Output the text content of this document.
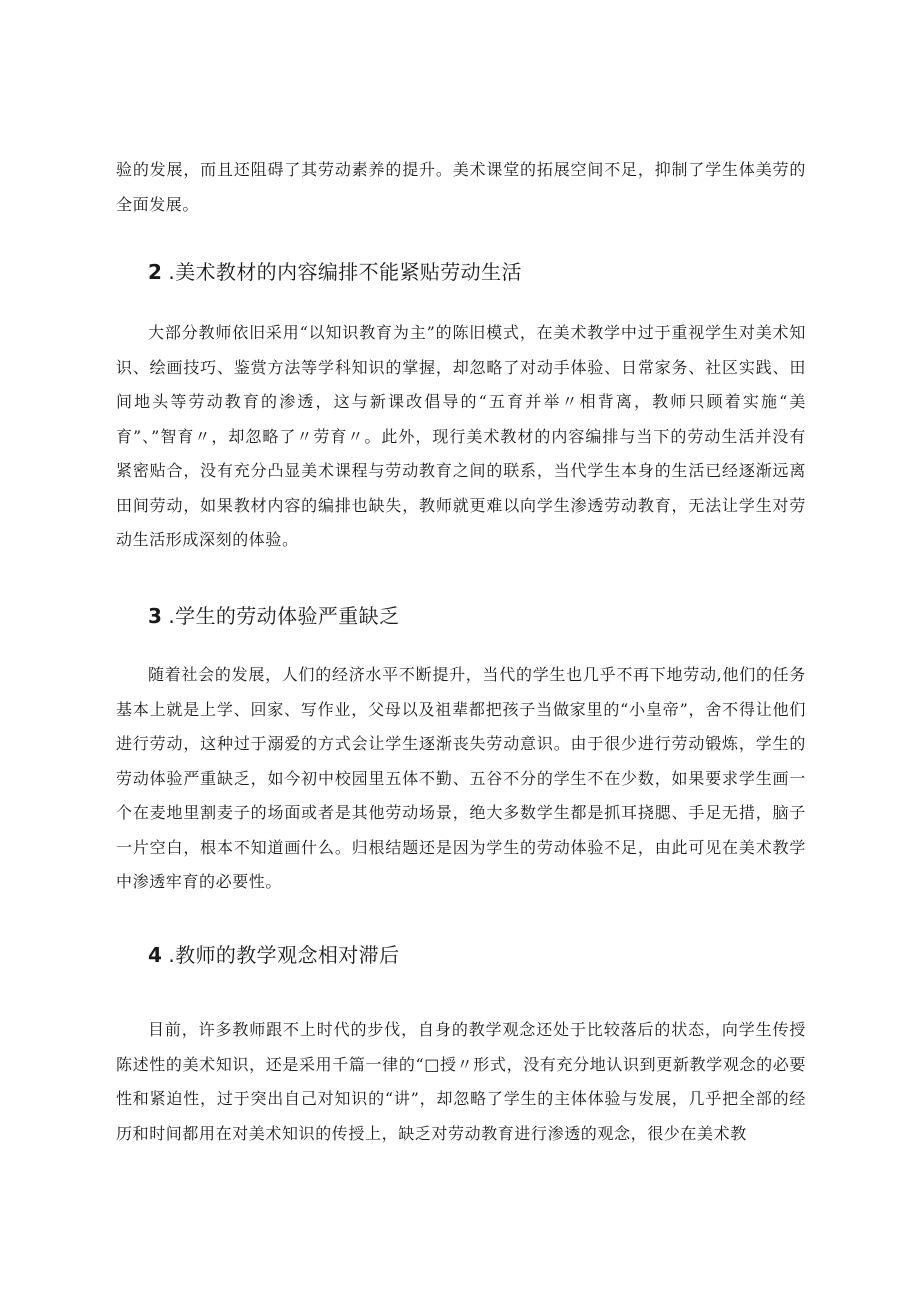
验的发展，而且还阻碍了其劳动素养的提升。美术课堂的拓展空间不足，抑制了学生体美劳的全面发展。

2 .美术教材的内容编排不能紧贴劳动生活

大部分教师依旧采用“以知识教育为主”的陈旧模式，在美术教学中过于重视学生对美术知识、绘画技巧、鉴赏方法等学科知识的掌握，却忽略了对动手体验、日常家务、社区实践、田间地头等劳动教育的渗透，这与新课改倡导的“五育并举〃相背离，教师只顾着实施“美育”、”智育〃，却忽略了〃劳育〃。此外，现行美术教材的内容编排与当下的劳动生活并没有紧密贴合，没有充分凸显美术课程与劳动教育之间的联系，当代学生本身的生活已经逐渐远离田间劳动，如果教材内容的编排也缺失，教师就更难以向学生渗透劳动教育，无法让学生对劳动生活形成深刻的体验。

3 .学生的劳动体验严重缺乏

随着社会的发展，人们的经济水平不断提升，当代的学生也几乎不再下地劳动,他们的任务基本上就是上学、回家、写作业，父母以及祖辈都把孩子当做家里的“小皇帝”，舍不得让他们进行劳动，这种过于溺爱的方式会让学生逐渐丧失劳动意识。由于很少进行劳动锻炼，学生的劳动体验严重缺乏，如今初中校园里五体不勤、五谷不分的学生不在少数，如果要求学生画一个在麦地里割麦子的场面或者是其他劳动场景，绝大多数学生都是抓耳挠腮、手足无措，脑子一片空白，根本不知道画什么。归根结题还是因为学生的劳动体验不足，由此可见在美术教学中渗透牢育的必要性。

4 .教师的教学观念相对滞后

目前，许多教师跟不上时代的步伐，自身的教学观念还处于比较落后的状态，向学生传授陈述性的美术知识，还是采用千篇一律的“□授〃形式，没有充分地认识到更新教学观念的必要性和紧迫性，过于突出自己对知识的“讲”，却忽略了学生的主体体验与发展，几乎把全部的经历和时间都用在对美术知识的传授上，缺乏对劳动教育进行渗透的观念，很少在美术教
